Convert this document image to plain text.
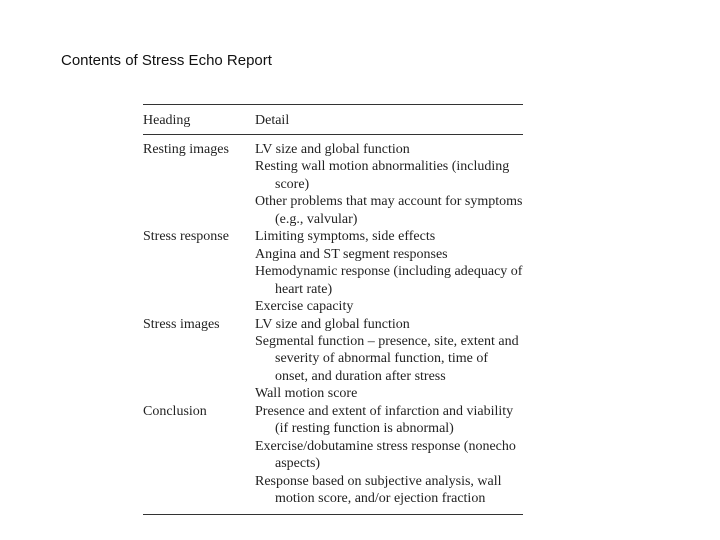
Contents of Stress Echo Report
Heading	Detail
Resting images	LV size and global function
Resting wall motion abnormalities (including score)
Other problems that may account for symptoms (e.g., valvular)
Stress response	Limiting symptoms, side effects
Angina and ST segment responses
Hemodynamic response (including adequacy of heart rate)
Exercise capacity
Stress images	LV size and global function
Segmental function – presence, site, extent and severity of abnormal function, time of onset, and duration after stress
Wall motion score
Conclusion	Presence and extent of infarction and viability (if resting function is abnormal)
Exercise/dobutamine stress response (nonecho aspects)
Response based on subjective analysis, wall motion score, and/or ejection fraction
